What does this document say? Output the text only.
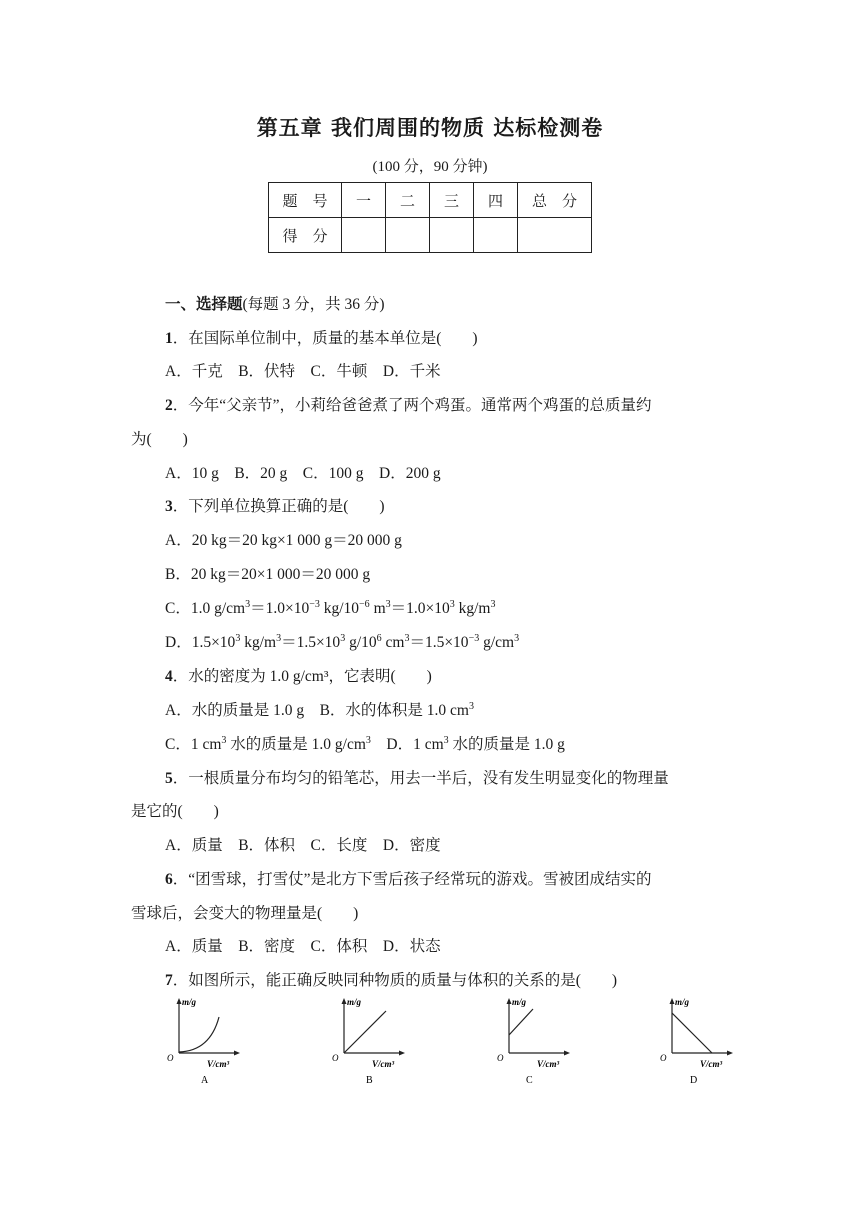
第五章 我们周围的物质 达标检测卷
(100 分，90 分钟)
题　号	一	二	三	四	总　分
得　分					
一、选择题(每题 3 分，共 36 分)
1．在国际单位制中，质量的基本单位是(　　)
A．千克　B．伏特　C．牛顿　D．千米
2．今年“父亲节”，小莉给爸爸煮了两个鸡蛋。通常两个鸡蛋的总质量约
为(　　)
A．10 g　B．20 g　C．100 g　D．200 g
3．下列单位换算正确的是(　　)
A．20 kg＝20 kg×1 000 g＝20 000 g
B．20 kg＝20×1 000＝20 000 g
C．1.0 $g/cm^3=1.0\times 10^{-3}$ $kg/10^{-6}$ $m^3=1.0\times 10^3$ $kg/m^3$
D．$1.5\times 10^3$ $kg/m^3=1.5\times 10^3$ $g/10^6$ $cm^3=1.5\times 10^{-3}$ $g/cm^3$
4．水的密度为 1.0 g/cm³，它表明(　　)
A．水的质量是 1.0 g　B．水的体积是 1.0 $cm^3$
C．1 $cm^3$ 水的质量是 1.0 $g/cm^3$　D．1 $cm^3$ 水的质量是 1.0 g
5．一根质量分布均匀的铅笔芯，用去一半后，没有发生明显变化的物理量
是它的(　　)
A．质量　B．体积　C．长度　D．密度
6．“团雪球，打雪仗”是北方下雪后孩子经常玩的游戏。雪被团成结实的
雪球后，会变大的物理量是(　　)
A．质量　B．密度　C．体积　D．状态
7．如图所示，能正确反映同种物质的质量与体积的关系的是(　　)
m/g
O
V/cm³
A
m/g
O
V/cm³
B
m/g
O
V/cm³
C
m/g
O
V/cm³
D
